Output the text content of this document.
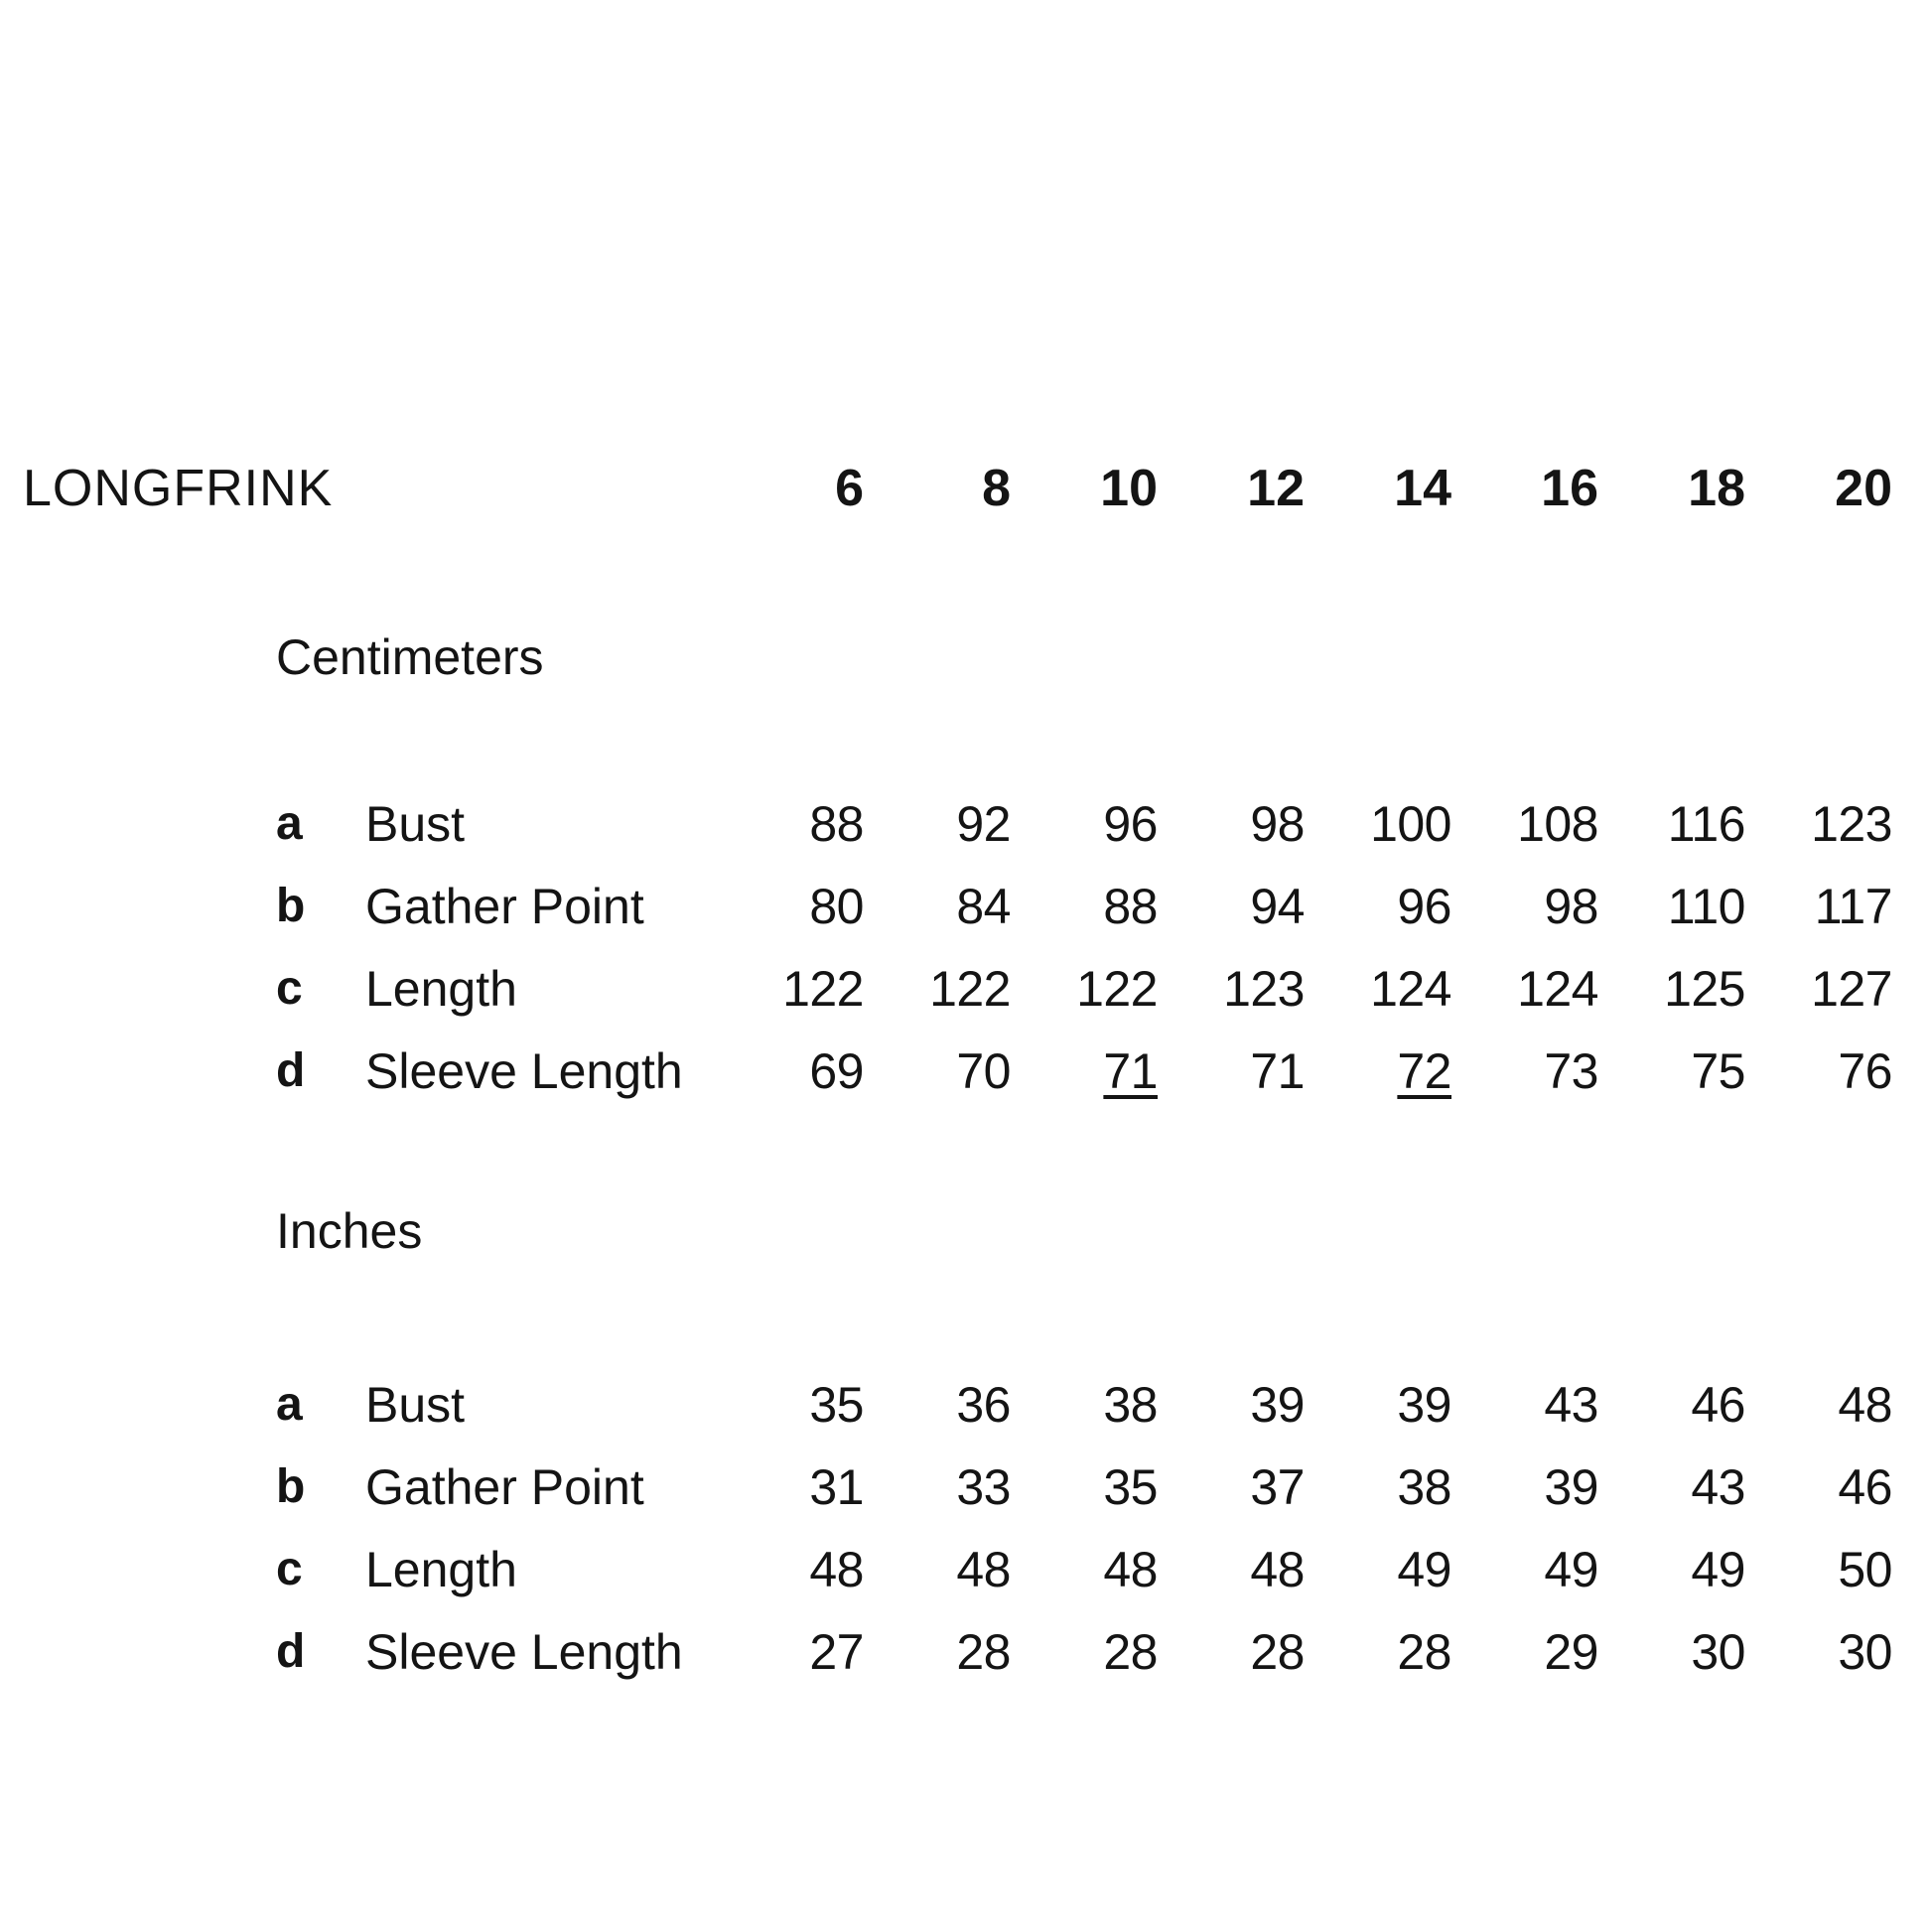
LONGFRINK	6	8	10	12	14	16	18	20
Centimeters
a	Bust	88	92	96	98	100	108	116	123
b	Gather Point	80	84	88	94	96	98	110	117
c	Length	122	122	122	123	124	124	125	127
d	Sleeve Length	69	70	71	71	72	73	75	76
Inches
a	Bust	35	36	38	39	39	43	46	48
b	Gather Point	31	33	35	37	38	39	43	46
c	Length	48	48	48	48	49	49	49	50
d	Sleeve Length	27	28	28	28	28	29	30	30
